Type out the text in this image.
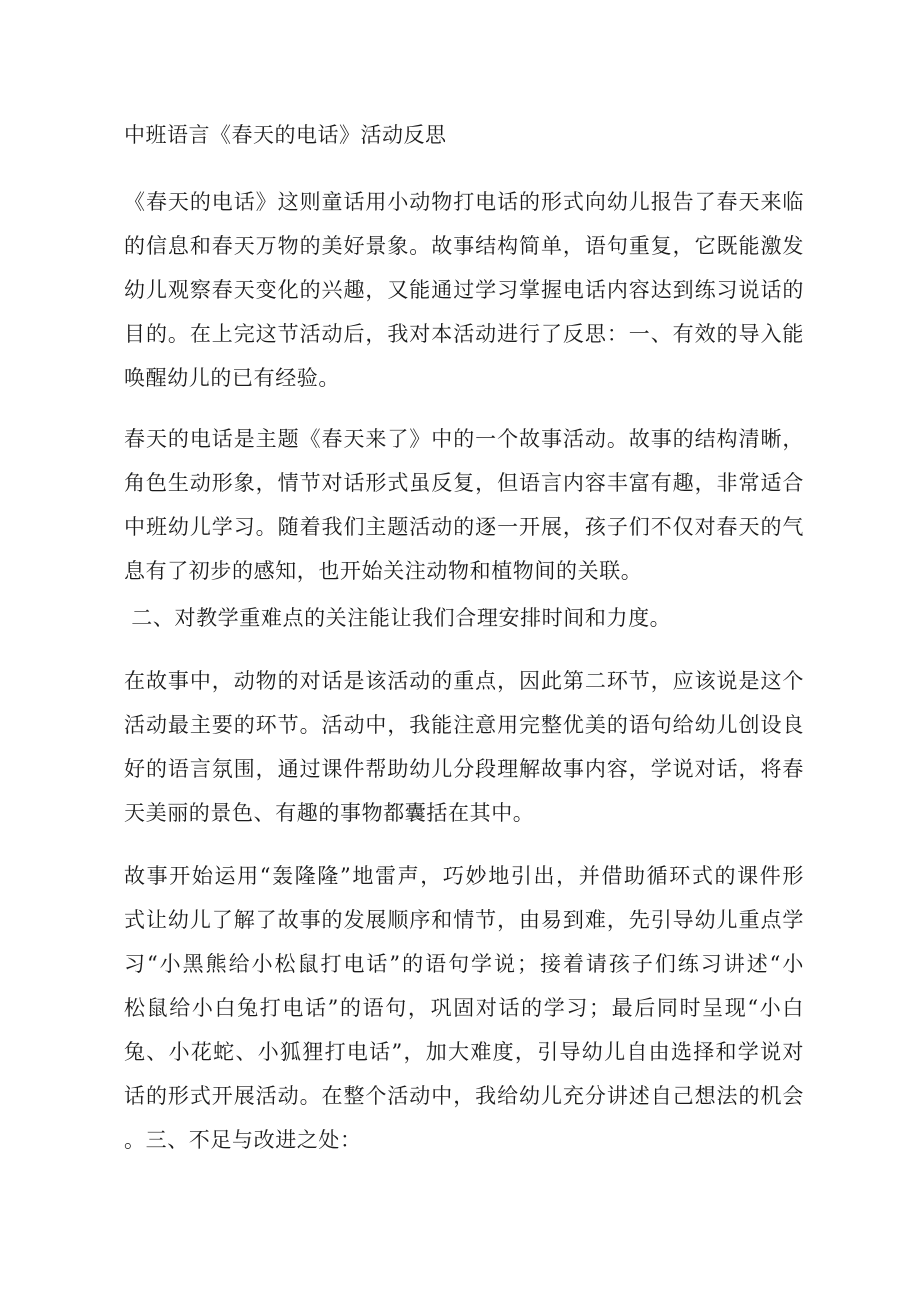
中班语言《春天的电话》活动反思
《春天的电话》这则童话用小动物打电话的形式向幼儿报告了春天来临
的信息和春天万物的美好景象。故事结构简单，语句重复，它既能激发
幼儿观察春天变化的兴趣，又能通过学习掌握电话内容达到练习说话的
目的。在上完这节活动后，我对本活动进行了反思：一、有效的导入能
唤醒幼儿的已有经验。
春天的电话是主题《春天来了》中的一个故事活动。故事的结构清晰，
角色生动形象，情节对话形式虽反复，但语言内容丰富有趣，非常适合
中班幼儿学习。随着我们主题活动的逐一开展，孩子们不仅对春天的气
息有了初步的感知，也开始关注动物和植物间的关联。
二、对教学重难点的关注能让我们合理安排时间和力度。
在故事中，动物的对话是该活动的重点，因此第二环节，应该说是这个
活动最主要的环节。活动中，我能注意用完整优美的语句给幼儿创设良
好的语言氛围，通过课件帮助幼儿分段理解故事内容，学说对话，将春
天美丽的景色、有趣的事物都囊括在其中。
故事开始运用“轰隆隆”地雷声，巧妙地引出，并借助循环式的课件形
式让幼儿了解了故事的发展顺序和情节，由易到难，先引导幼儿重点学
习“小黑熊给小松鼠打电话”的语句学说；接着请孩子们练习讲述“小
松鼠给小白兔打电话”的语句，巩固对话的学习；最后同时呈现“小白
兔、小花蛇、小狐狸打电话”，加大难度，引导幼儿自由选择和学说对
话的形式开展活动。在整个活动中，我给幼儿充分讲述自己想法的机会
。三、不足与改进之处：
